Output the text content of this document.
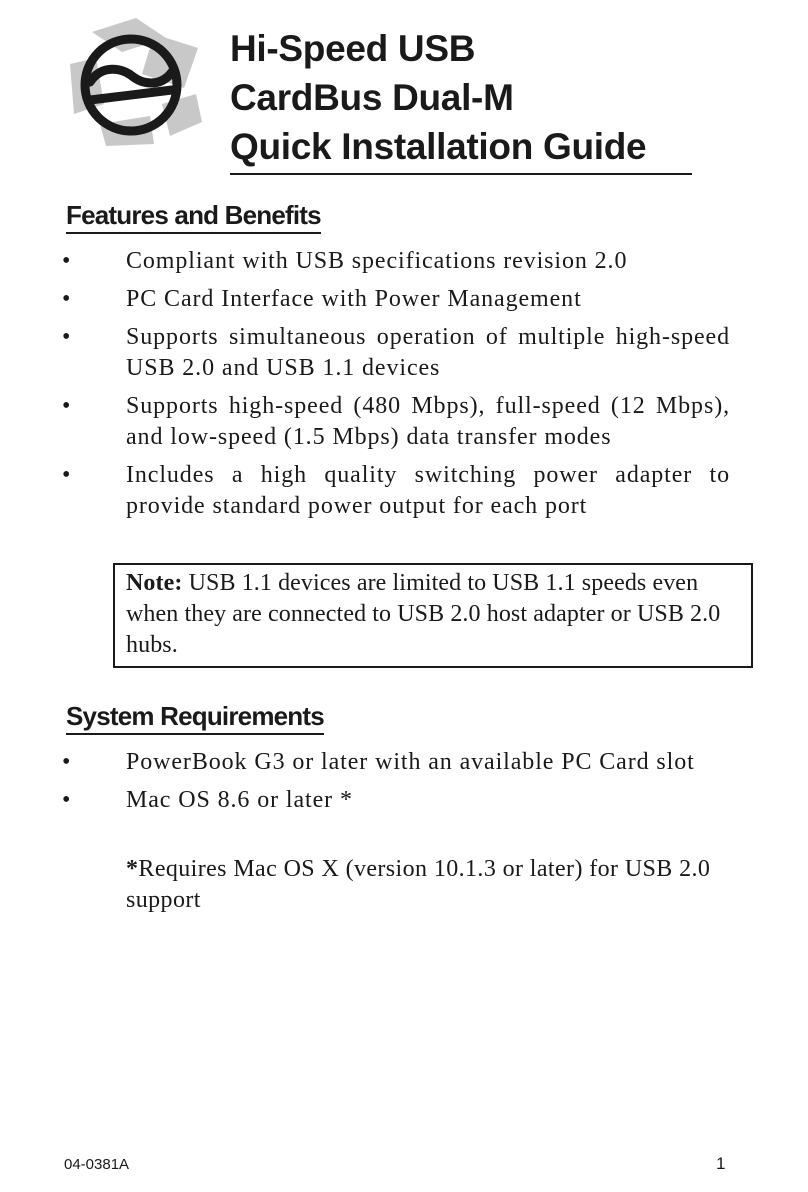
Hi-Speed USB
CardBus Dual-M
Quick Installation Guide
Features and Benefits
•	Compliant with USB specifications revision 2.0
•	PC Card Interface with Power Management
•	Supports simultaneous operation of multiple high-speed USB 2.0 and USB 1.1 devices
•	Supports high-speed (480 Mbps), full-speed (12 Mbps), and low-speed (1.5 Mbps) data transfer modes
•	Includes a high quality switching power adapter to provide standard power output for each port
Note: USB 1.1 devices are limited to USB 1.1 speeds even when they are connected to USB 2.0 host adapter or USB 2.0 hubs.
System Requirements
•	PowerBook G3 or later with an available PC Card slot
•	Mac OS 8.6 or later *
*Requires Mac OS X (version 10.1.3 or later) for USB 2.0 support
04-0381A	1
